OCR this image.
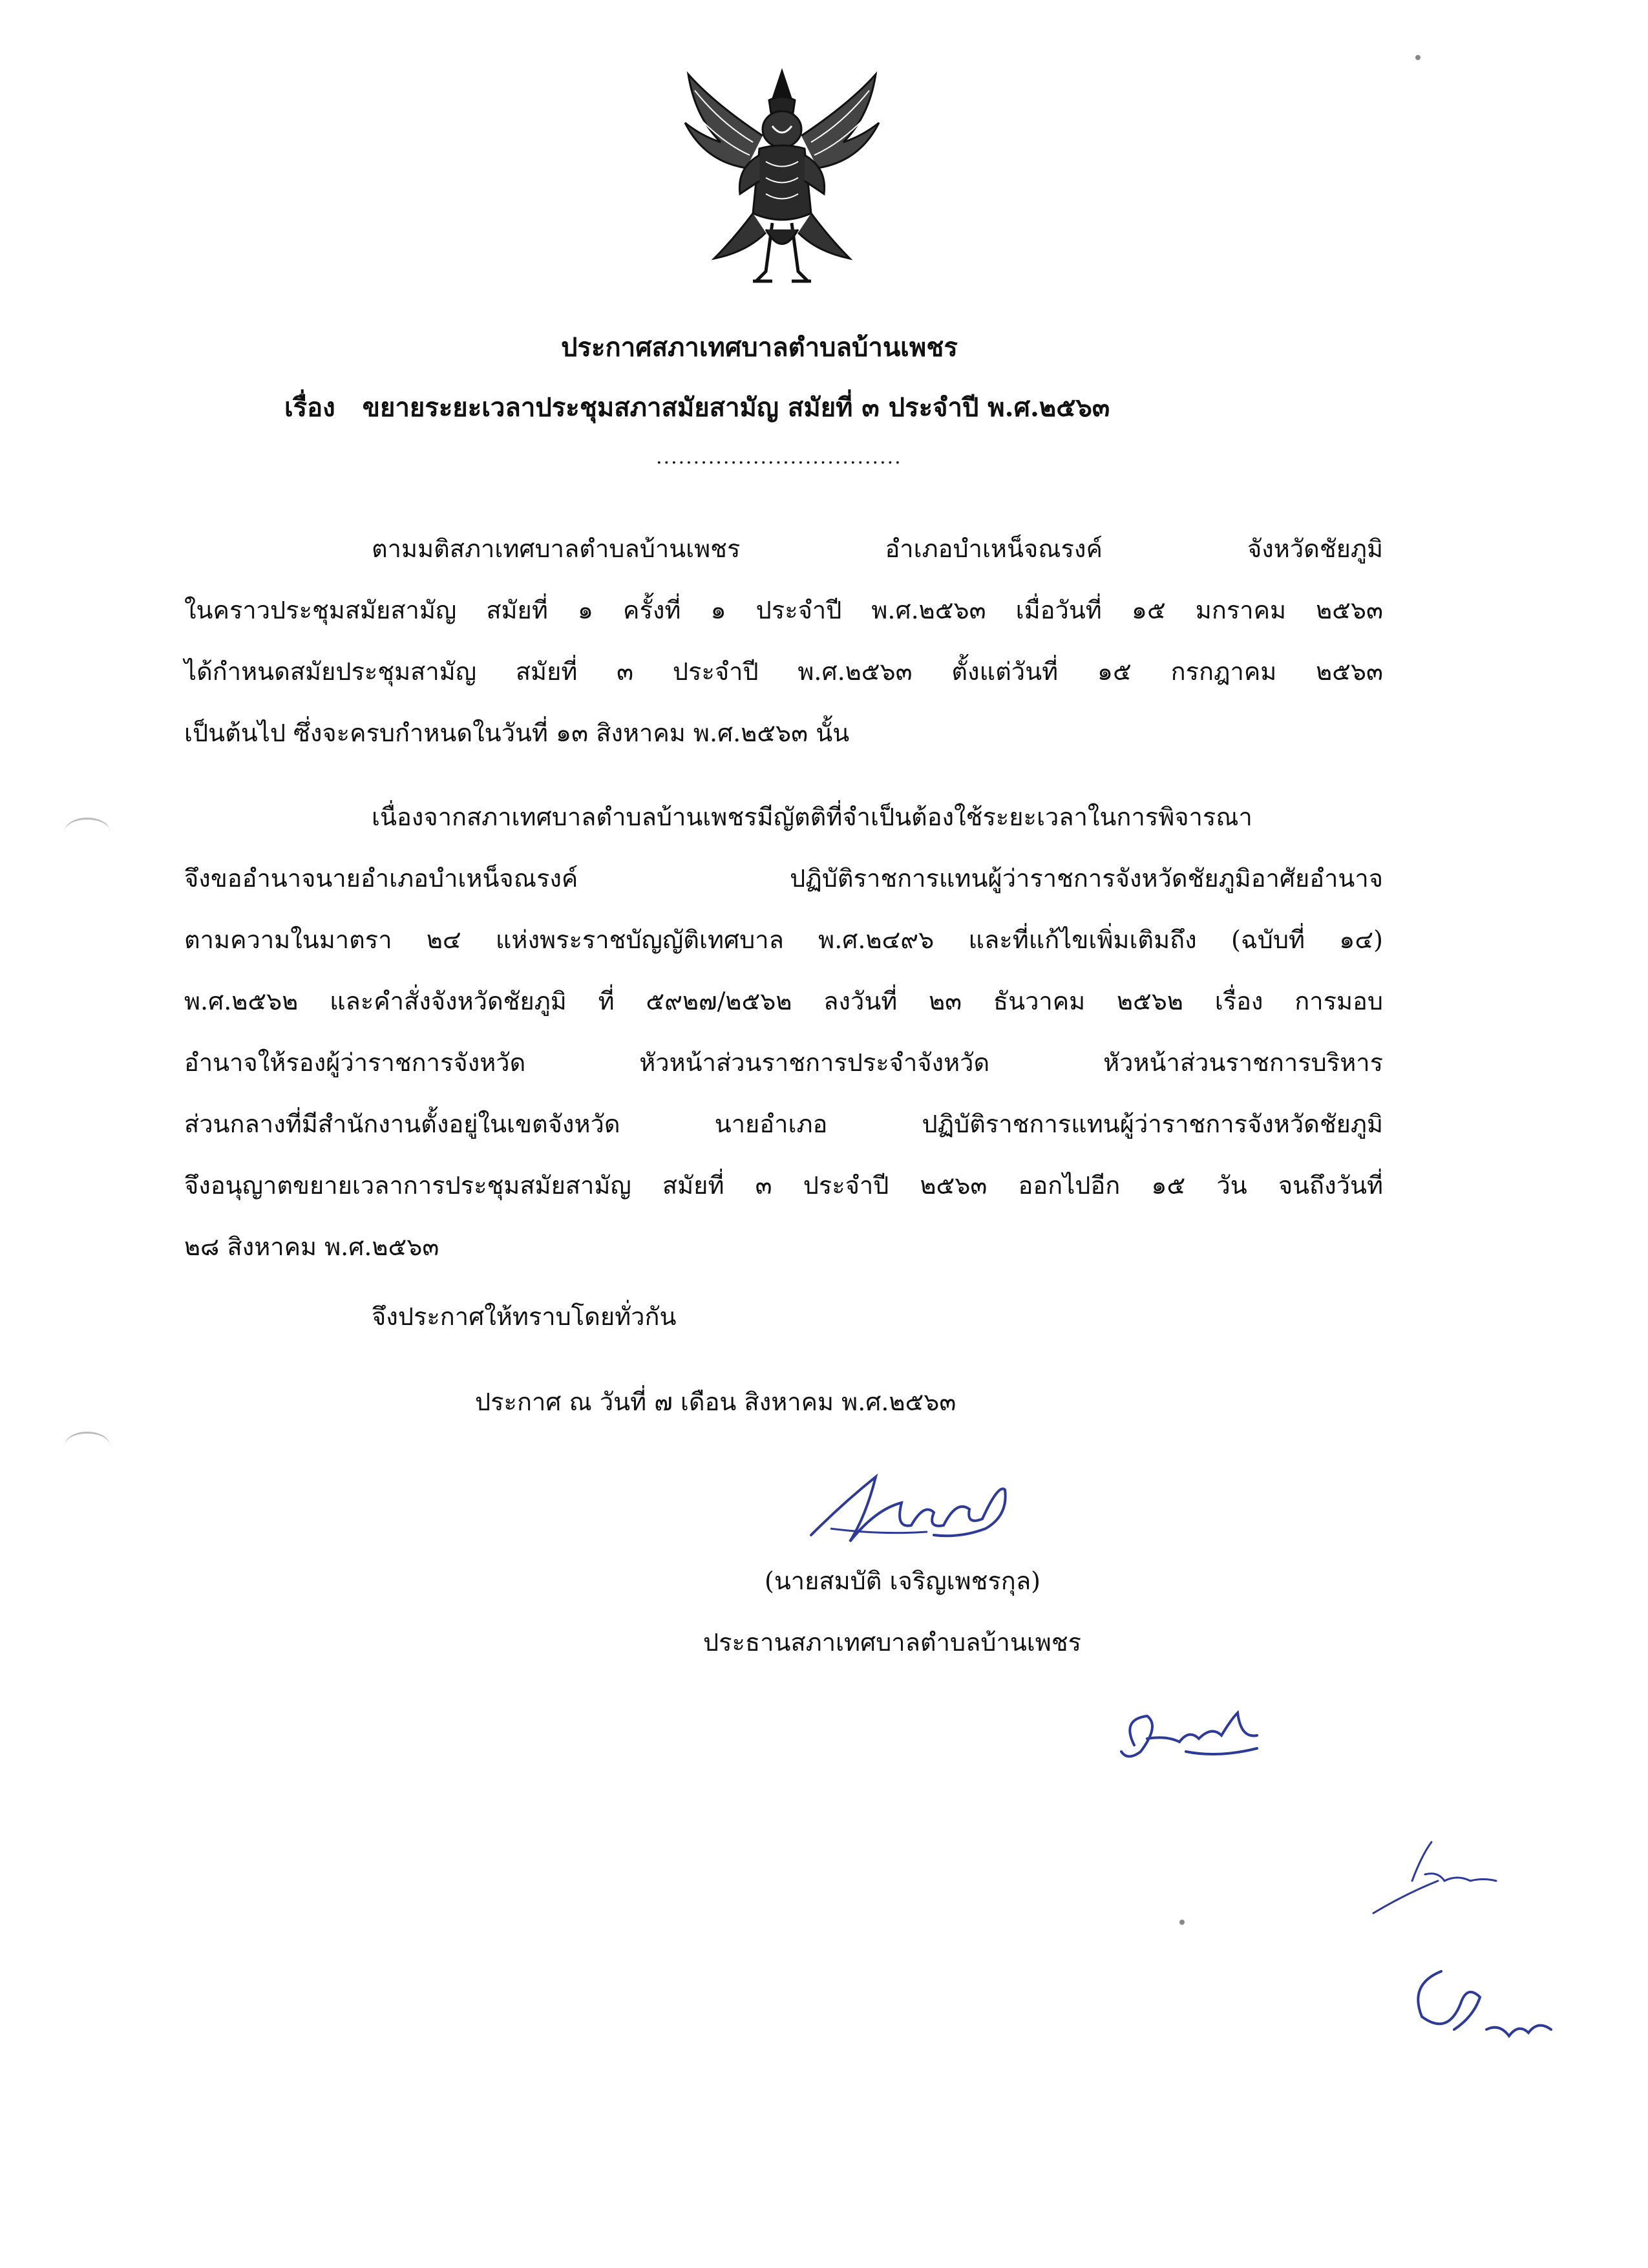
ประกาศสภาเทศบาลตำบลบ้านเพชร
เรื่อง ขยายระยะเวลาประชุมสภาสมัยสามัญ สมัยที่ ๓ ประจำปี พ.ศ.๒๕๖๓
.................................
ตามมติสภาเทศบาลตำบลบ้านเพชร อำเภอบำเหน็จณรงค์ จังหวัดชัยภูมิ
ในคราวประชุมสมัยสามัญ สมัยที่ ๑ ครั้งที่ ๑ ประจำปี พ.ศ.๒๕๖๓ เมื่อวันที่ ๑๕ มกราคม ๒๕๖๓
ได้กำหนดสมัยประชุมสามัญ สมัยที่ ๓ ประจำปี พ.ศ.๒๕๖๓ ตั้งแต่วันที่ ๑๕ กรกฎาคม ๒๕๖๓
เป็นต้นไป ซึ่งจะครบกำหนดในวันที่ ๑๓ สิงหาคม พ.ศ.๒๕๖๓ นั้น
เนื่องจากสภาเทศบาลตำบลบ้านเพชรมีญัตติที่จำเป็นต้องใช้ระยะเวลาในการพิจารณา
จึงขออำนาจนายอำเภอบำเหน็จณรงค์ ปฏิบัติราชการแทนผู้ว่าราชการจังหวัดชัยภูมิอาศัยอำนาจ
ตามความในมาตรา ๒๔ แห่งพระราชบัญญัติเทศบาล พ.ศ.๒๔๙๖ และที่แก้ไขเพิ่มเติมถึง (ฉบับที่ ๑๔)
พ.ศ.๒๕๖๒ และคำสั่งจังหวัดชัยภูมิ ที่ ๕๙๒๗/๒๕๖๒ ลงวันที่ ๒๓ ธันวาคม ๒๕๖๒ เรื่อง การมอบ
อำนาจให้รองผู้ว่าราชการจังหวัด หัวหน้าส่วนราชการประจำจังหวัด หัวหน้าส่วนราชการบริหาร
ส่วนกลางที่มีสำนักงานตั้งอยู่ในเขตจังหวัด นายอำเภอ ปฏิบัติราชการแทนผู้ว่าราชการจังหวัดชัยภูมิ
จึงอนุญาตขยายเวลาการประชุมสมัยสามัญ สมัยที่ ๓ ประจำปี ๒๕๖๓ ออกไปอีก ๑๕ วัน จนถึงวันที่
๒๘ สิงหาคม พ.ศ.๒๕๖๓
จึงประกาศให้ทราบโดยทั่วกัน
ประกาศ ณ วันที่ ๗ เดือน สิงหาคม พ.ศ.๒๕๖๓
(นายสมบัติ เจริญเพชรกุล)
ประธานสภาเทศบาลตำบลบ้านเพชร
